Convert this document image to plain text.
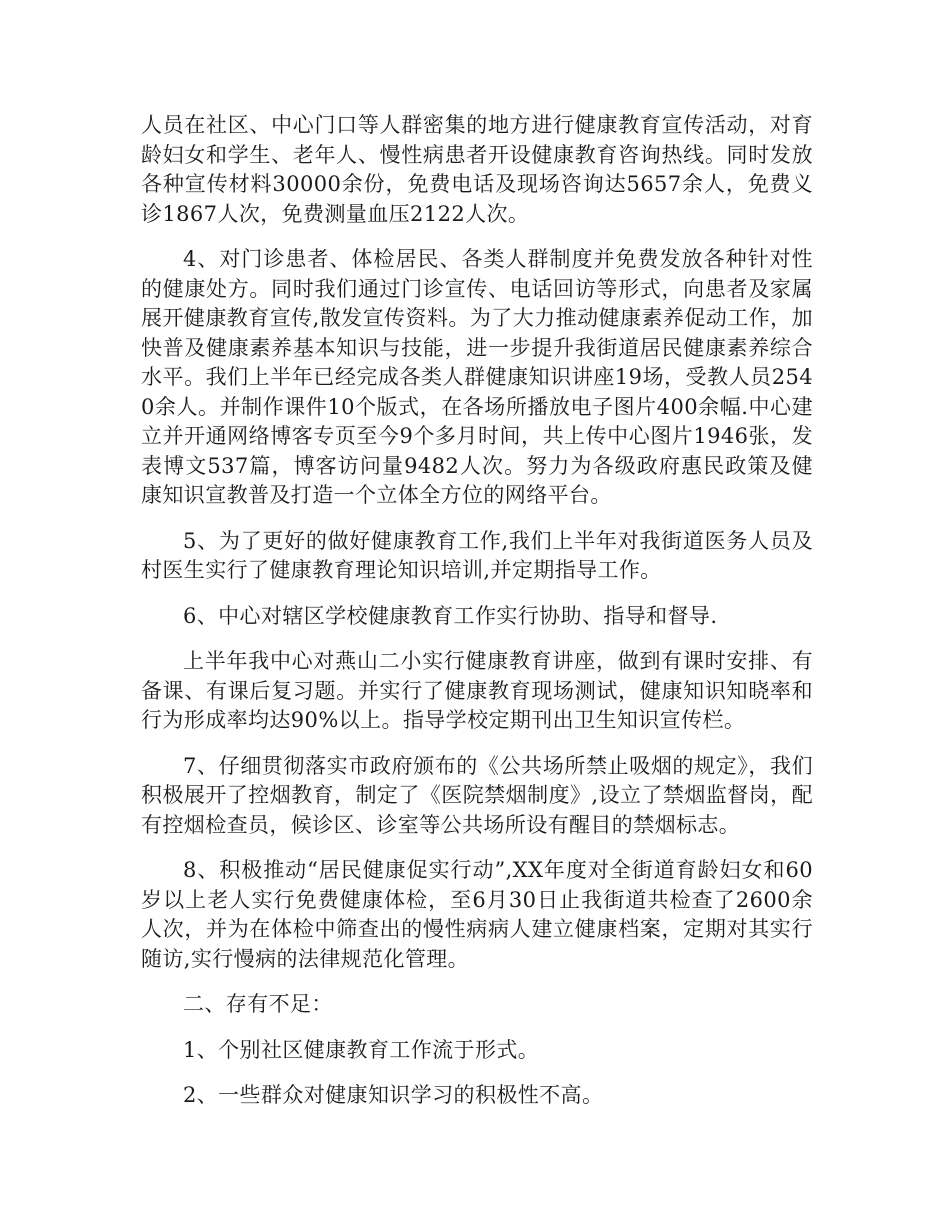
人员在社区、中心门口等人群密集的地方进行健康教育宣传活动，对育龄妇女和学生、老年人、慢性病患者开设健康教育咨询热线。同时发放各种宣传材料30000余份，免费电话及现场咨询达5657余人，免费义诊1867人次，免费测量血压2122人次。

4、对门诊患者、体检居民、各类人群制度并免费发放各种针对性的健康处方。同时我们通过门诊宣传、电话回访等形式，向患者及家属展开健康教育宣传,散发宣传资料。为了大力推动健康素养促动工作，加快普及健康素养基本知识与技能，进一步提升我街道居民健康素养综合水平。我们上半年已经完成各类人群健康知识讲座19场，受教人员2540余人。并制作课件10个版式，在各场所播放电子图片400余幅.中心建立并开通网络博客专页至今9个多月时间，共上传中心图片1946张，发表博文537篇，博客访问量9482人次。努力为各级政府惠民政策及健康知识宣教普及打造一个立体全方位的网络平台。

5、为了更好的做好健康教育工作,我们上半年对我街道医务人员及村医生实行了健康教育理论知识培训,并定期指导工作。

6、中心对辖区学校健康教育工作实行协助、指导和督导.

上半年我中心对燕山二小实行健康教育讲座，做到有课时安排、有备课、有课后复习题。并实行了健康教育现场测试，健康知识知晓率和行为形成率均达90%以上。指导学校定期刊出卫生知识宣传栏。

7、仔细贯彻落实市政府颁布的《公共场所禁止吸烟的规定》，我们积极展开了控烟教育，制定了《医院禁烟制度》,设立了禁烟监督岗，配有控烟检查员，候诊区、诊室等公共场所设有醒目的禁烟标志。

8、积极推动“居民健康促实行动”,XX年度对全街道育龄妇女和60岁以上老人实行免费健康体检，至6月30日止我街道共检查了2600余人次，并为在体检中筛查出的慢性病病人建立健康档案，定期对其实行随访,实行慢病的法律规范化管理。

二、存有不足：

1、个别社区健康教育工作流于形式。

2、一些群众对健康知识学习的积极性不高。
